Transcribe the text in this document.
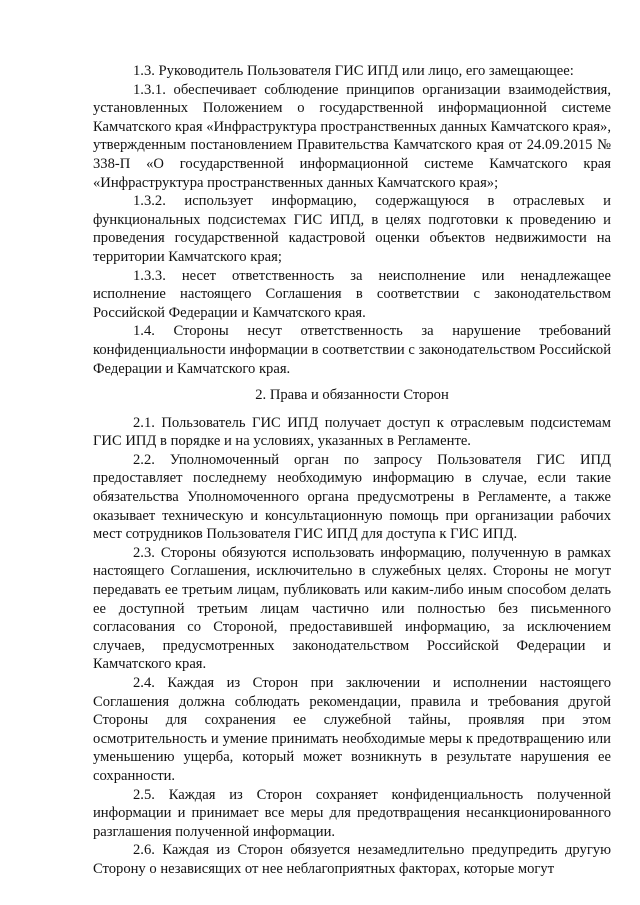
1.3. Руководитель Пользователя ГИС ИПД или лицо, его замещающее:

1.3.1. обеспечивает соблюдение принципов организации взаимодействия, установленных Положением о государственной информационной системе Камчатского края «Инфраструктура пространственных данных Камчатского края», утвержденным постановлением Правительства Камчатского края от 24.09.2015 № 338-П «О государственной информационной системе Камчатского края «Инфраструктура пространственных данных Камчатского края»;

1.3.2. использует информацию, содержащуюся в отраслевых и функциональных подсистемах ГИС ИПД, в целях подготовки к проведению и проведения государственной кадастровой оценки объектов недвижимости на территории Камчатского края;

1.3.3. несет ответственность за неисполнение или ненадлежащее исполнение настоящего Соглашения в соответствии с законодательством Российской Федерации и Камчатского края.

1.4. Стороны несут ответственность за нарушение требований конфиденциальности информации в соответствии с законодательством Российской Федерации и Камчатского края.

2. Права и обязанности Сторон

2.1. Пользователь ГИС ИПД получает доступ к отраслевым подсистемам ГИС ИПД в порядке и на условиях, указанных в Регламенте.

2.2. Уполномоченный орган по запросу Пользователя ГИС ИПД предоставляет последнему необходимую информацию в случае, если такие обязательства Уполномоченного органа предусмотрены в Регламенте, а также оказывает техническую и консультационную помощь при организации рабочих мест сотрудников Пользователя ГИС ИПД для доступа к ГИС ИПД.

2.3. Стороны обязуются использовать информацию, полученную в рамках настоящего Соглашения, исключительно в служебных целях. Стороны не могут передавать ее третьим лицам, публиковать или каким-либо иным способом делать ее доступной третьим лицам частично или полностью без письменного согласования со Стороной, предоставившей информацию, за исключением случаев, предусмотренных законодательством Российской Федерации и Камчатского края.

2.4. Каждая из Сторон при заключении и исполнении настоящего Соглашения должна соблюдать рекомендации, правила и требования другой Стороны для сохранения ее служебной тайны, проявляя при этом осмотрительность и умение принимать необходимые меры к предотвращению или уменьшению ущерба, который может возникнуть в результате нарушения ее сохранности.

2.5. Каждая из Сторон сохраняет конфиденциальность полученной информации и принимает все меры для предотвращения несанкционированного разглашения полученной информации.

2.6. Каждая из Сторон обязуется незамедлительно предупредить другую Сторону о независящих от нее неблагоприятных факторах, которые могут
